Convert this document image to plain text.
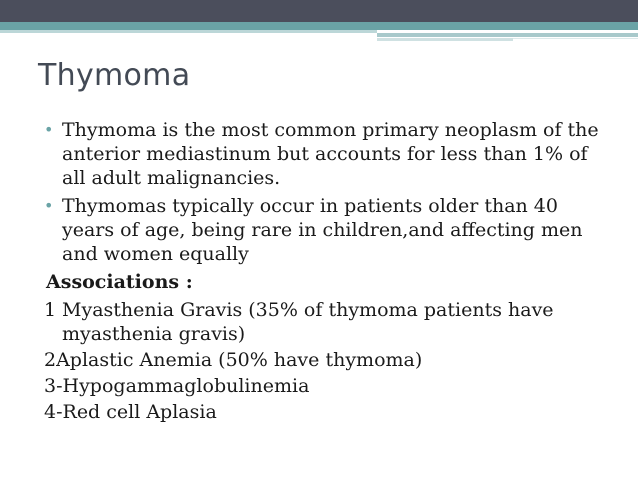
Thymoma
• Thymoma is the most common primary neoplasm of the anterior mediastinum but accounts for less than 1% of all adult malignancies.
• Thymomas typically occur in patients older than 40 years of age, being rare in children,and affecting men and women equally
Associations :
1 Myasthenia Gravis (35% of thymoma patients have myasthenia gravis)
2Aplastic Anemia (50% have thymoma)
3-Hypogammaglobulinemia
4-Red cell Aplasia
